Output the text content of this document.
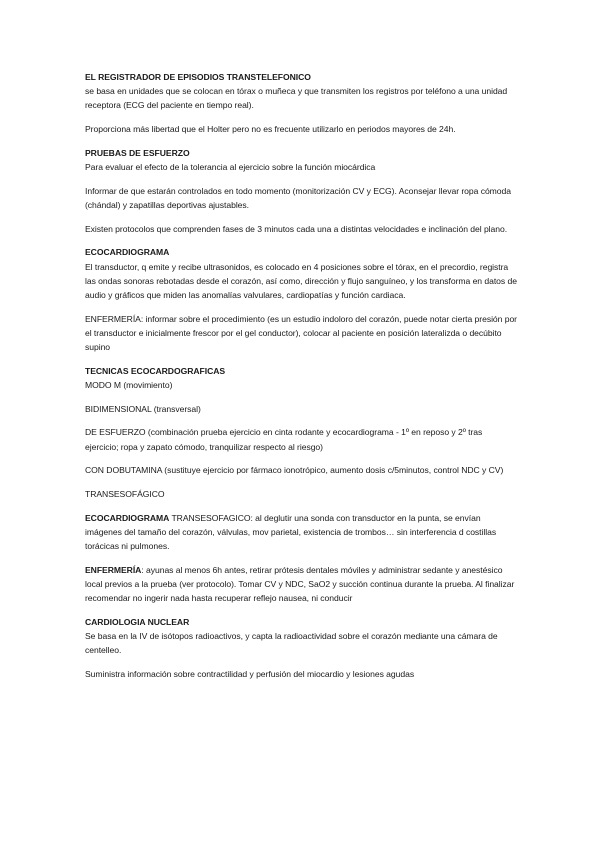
EL REGISTRADOR DE EPISODIOS TRANSTELEFONICO

se basa en unidades que se colocan en tórax o muñeca y que transmiten los registros por teléfono a una unidad receptora (ECG del paciente en tiempo real).

Proporciona más libertad que el Holter pero no es frecuente utilizarlo en periodos mayores de 24h.

PRUEBAS DE ESFUERZO

Para evaluar el efecto de la tolerancia al ejercicio sobre la función miocárdica

Informar de que estarán controlados en todo momento (monitorización CV y ECG). Aconsejar llevar ropa cómoda (chándal) y zapatillas deportivas ajustables.

Existen protocolos que comprenden fases de 3 minutos cada una a distintas velocidades e inclinación del plano.

ECOCARDIOGRAMA

El transductor, q emite y recibe ultrasonidos, es colocado en 4 posiciones sobre el tórax, en el precordio, registra las ondas sonoras rebotadas desde el corazón, así como, dirección y flujo sanguíneo, y los transforma en datos de audio y gráficos que miden las anomalías valvulares, cardiopatías y función cardiaca.

ENFERMERÍA: informar sobre el procedimiento (es un estudio indoloro del corazón, puede notar cierta presión por el transductor e inicialmente frescor por el gel conductor), colocar al paciente en posición lateralizda o decúbito supino

TECNICAS ECOCARDOGRAFICAS

MODO M (movimiento)

BIDIMENSIONAL (transversal)

DE ESFUERZO (combinación prueba ejercicio en cinta rodante y ecocardiograma - 1º en reposo y 2º tras ejercicio; ropa y zapato cómodo, tranquilizar respecto al riesgo)

CON DOBUTAMINA (sustituye ejercicio por fármaco ionotrópico, aumento dosis c/5minutos, control NDC y CV)

TRANSESOFÁGICO

ECOCARDIOGRAMA TRANSESOFAGICO: al deglutir una sonda con transductor en la punta, se envían imágenes del tamaño del corazón, válvulas, mov parietal, existencia de trombos… sin interferencia d costillas torácicas ni pulmones.

ENFERMERÍA: ayunas al menos 6h antes, retirar prótesis dentales móviles y administrar sedante y anestésico local previos a la prueba (ver protocolo). Tomar CV y NDC, SaO2 y succión continua durante la prueba. Al finalizar recomendar no ingerir nada hasta recuperar reflejo nausea, ni conducir

CARDIOLOGIA NUCLEAR

Se basa en la IV de isótopos radioactivos, y capta la radioactividad sobre el corazón mediante una cámara de centelleo.

Suministra información sobre contractilidad y perfusión del miocardio y lesiones agudas
